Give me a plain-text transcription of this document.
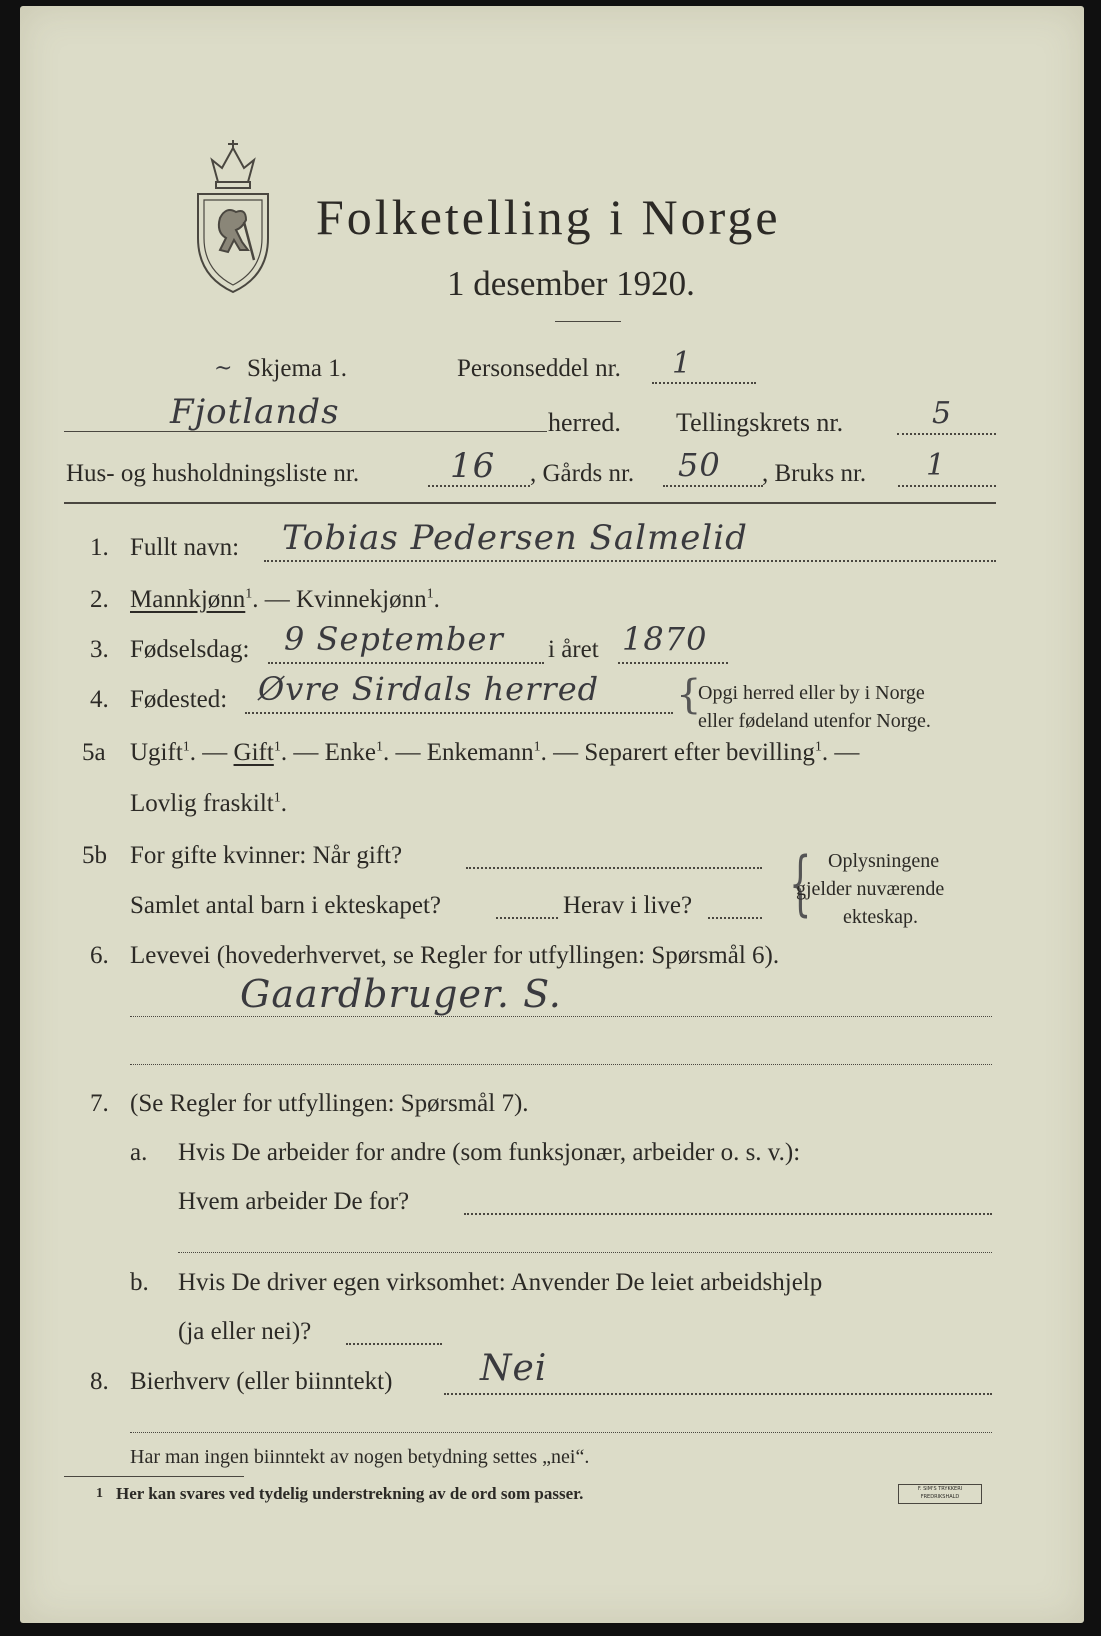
Folketelling i Norge
1 desember 1920.
~ Skjema 1.	Personseddel nr. 1
Fjotlands	herred. Tellingskrets nr.	5
Hus- og husholdningsliste nr.	16 , Gårds nr. 50 , Bruks nr. 1
1. Fullt navn: Tobias Pedersen Salmelid
2. Mannkjønn$^1$. — Kvinnekjønn$^1$.
3. Fødselsdag: 9 September i året 1870
4. Fødested: Øvre Sirdals herred {
Opgi herred eller by i Norge
eller fødeland utenfor Norge.
5a Ugift$^1$. — Gift$^1$. — Enke$^1$. — Enkemann$^1$. — Separert efter bevilling$^1$. —
Lovlig fraskilt$^1$.
5b For gifte kvinner: Når gift?
Samlet antal barn i ekteskapet?	Herav i live? { Oplysningene
gjelder nuværende
ekteskap.
6. Levevei (hovederhvervet, se Regler for utfyllingen: Spørsmål 6).
Gaardbruger. S.
7. (Se Regler for utfyllingen: Spørsmål 7).
a. Hvis De arbeider for andre (som funksjonær, arbeider o. s. v.):
Hvem arbeider De for?
b. Hvis De driver egen virksomhet: Anvender De leiet arbeidshjelp
(ja eller nei)?
8. Bierhverv (eller biinntekt) Nei
Har man ingen biinntekt av nogen betydning settes „nei“.
1 Her kan svares ved tydelig understrekning av de ord som passer.	F. SIM'S TRYKKERI
FREDRIKSHALD
